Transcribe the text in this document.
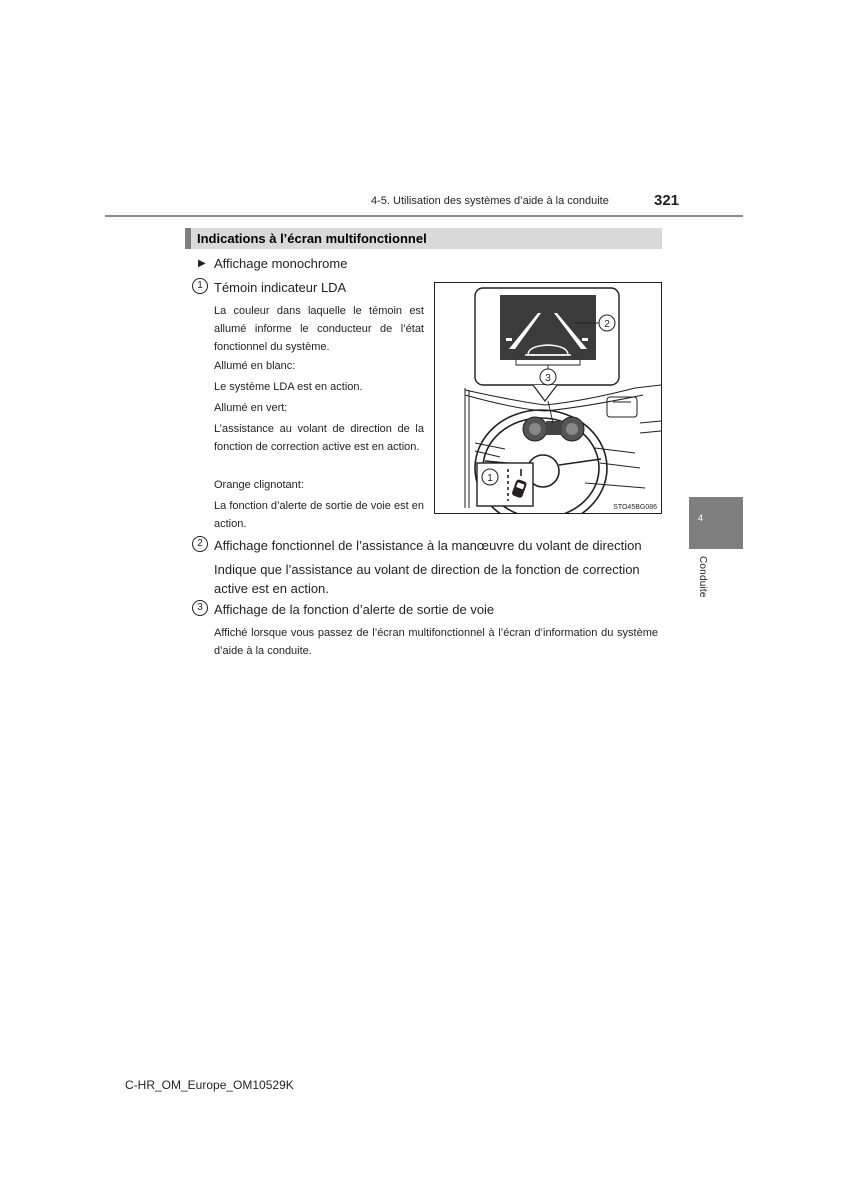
4-5. Utilisation des systèmes d’aide à la conduite	321
4
Conduite
Indications à l’écran multifonctionnel
▶ Affichage monochrome
1 Témoin indicateur LDA
La couleur dans laquelle le témoin est allumé informe le conducteur de l’état fonctionnel du système.
Allumé en blanc:
Le système LDA est en action.
Allumé en vert:
L’assistance au volant de direction de la fonction de correction active est en action.
Orange clignotant:
La fonction d’alerte de sortie de voie est en action.
2
3
1
STO45BG086
2 Affichage fonctionnel de l’assistance à la manœuvre du volant de direction
Indique que l’assistance au volant de direction de la fonction de correction active est en action.
3 Affichage de la fonction d’alerte de sortie de voie
Affiché lorsque vous passez de l’écran multifonctionnel à l’écran d’information du système d’aide à la conduite.
C-HR_OM_Europe_OM10529K
